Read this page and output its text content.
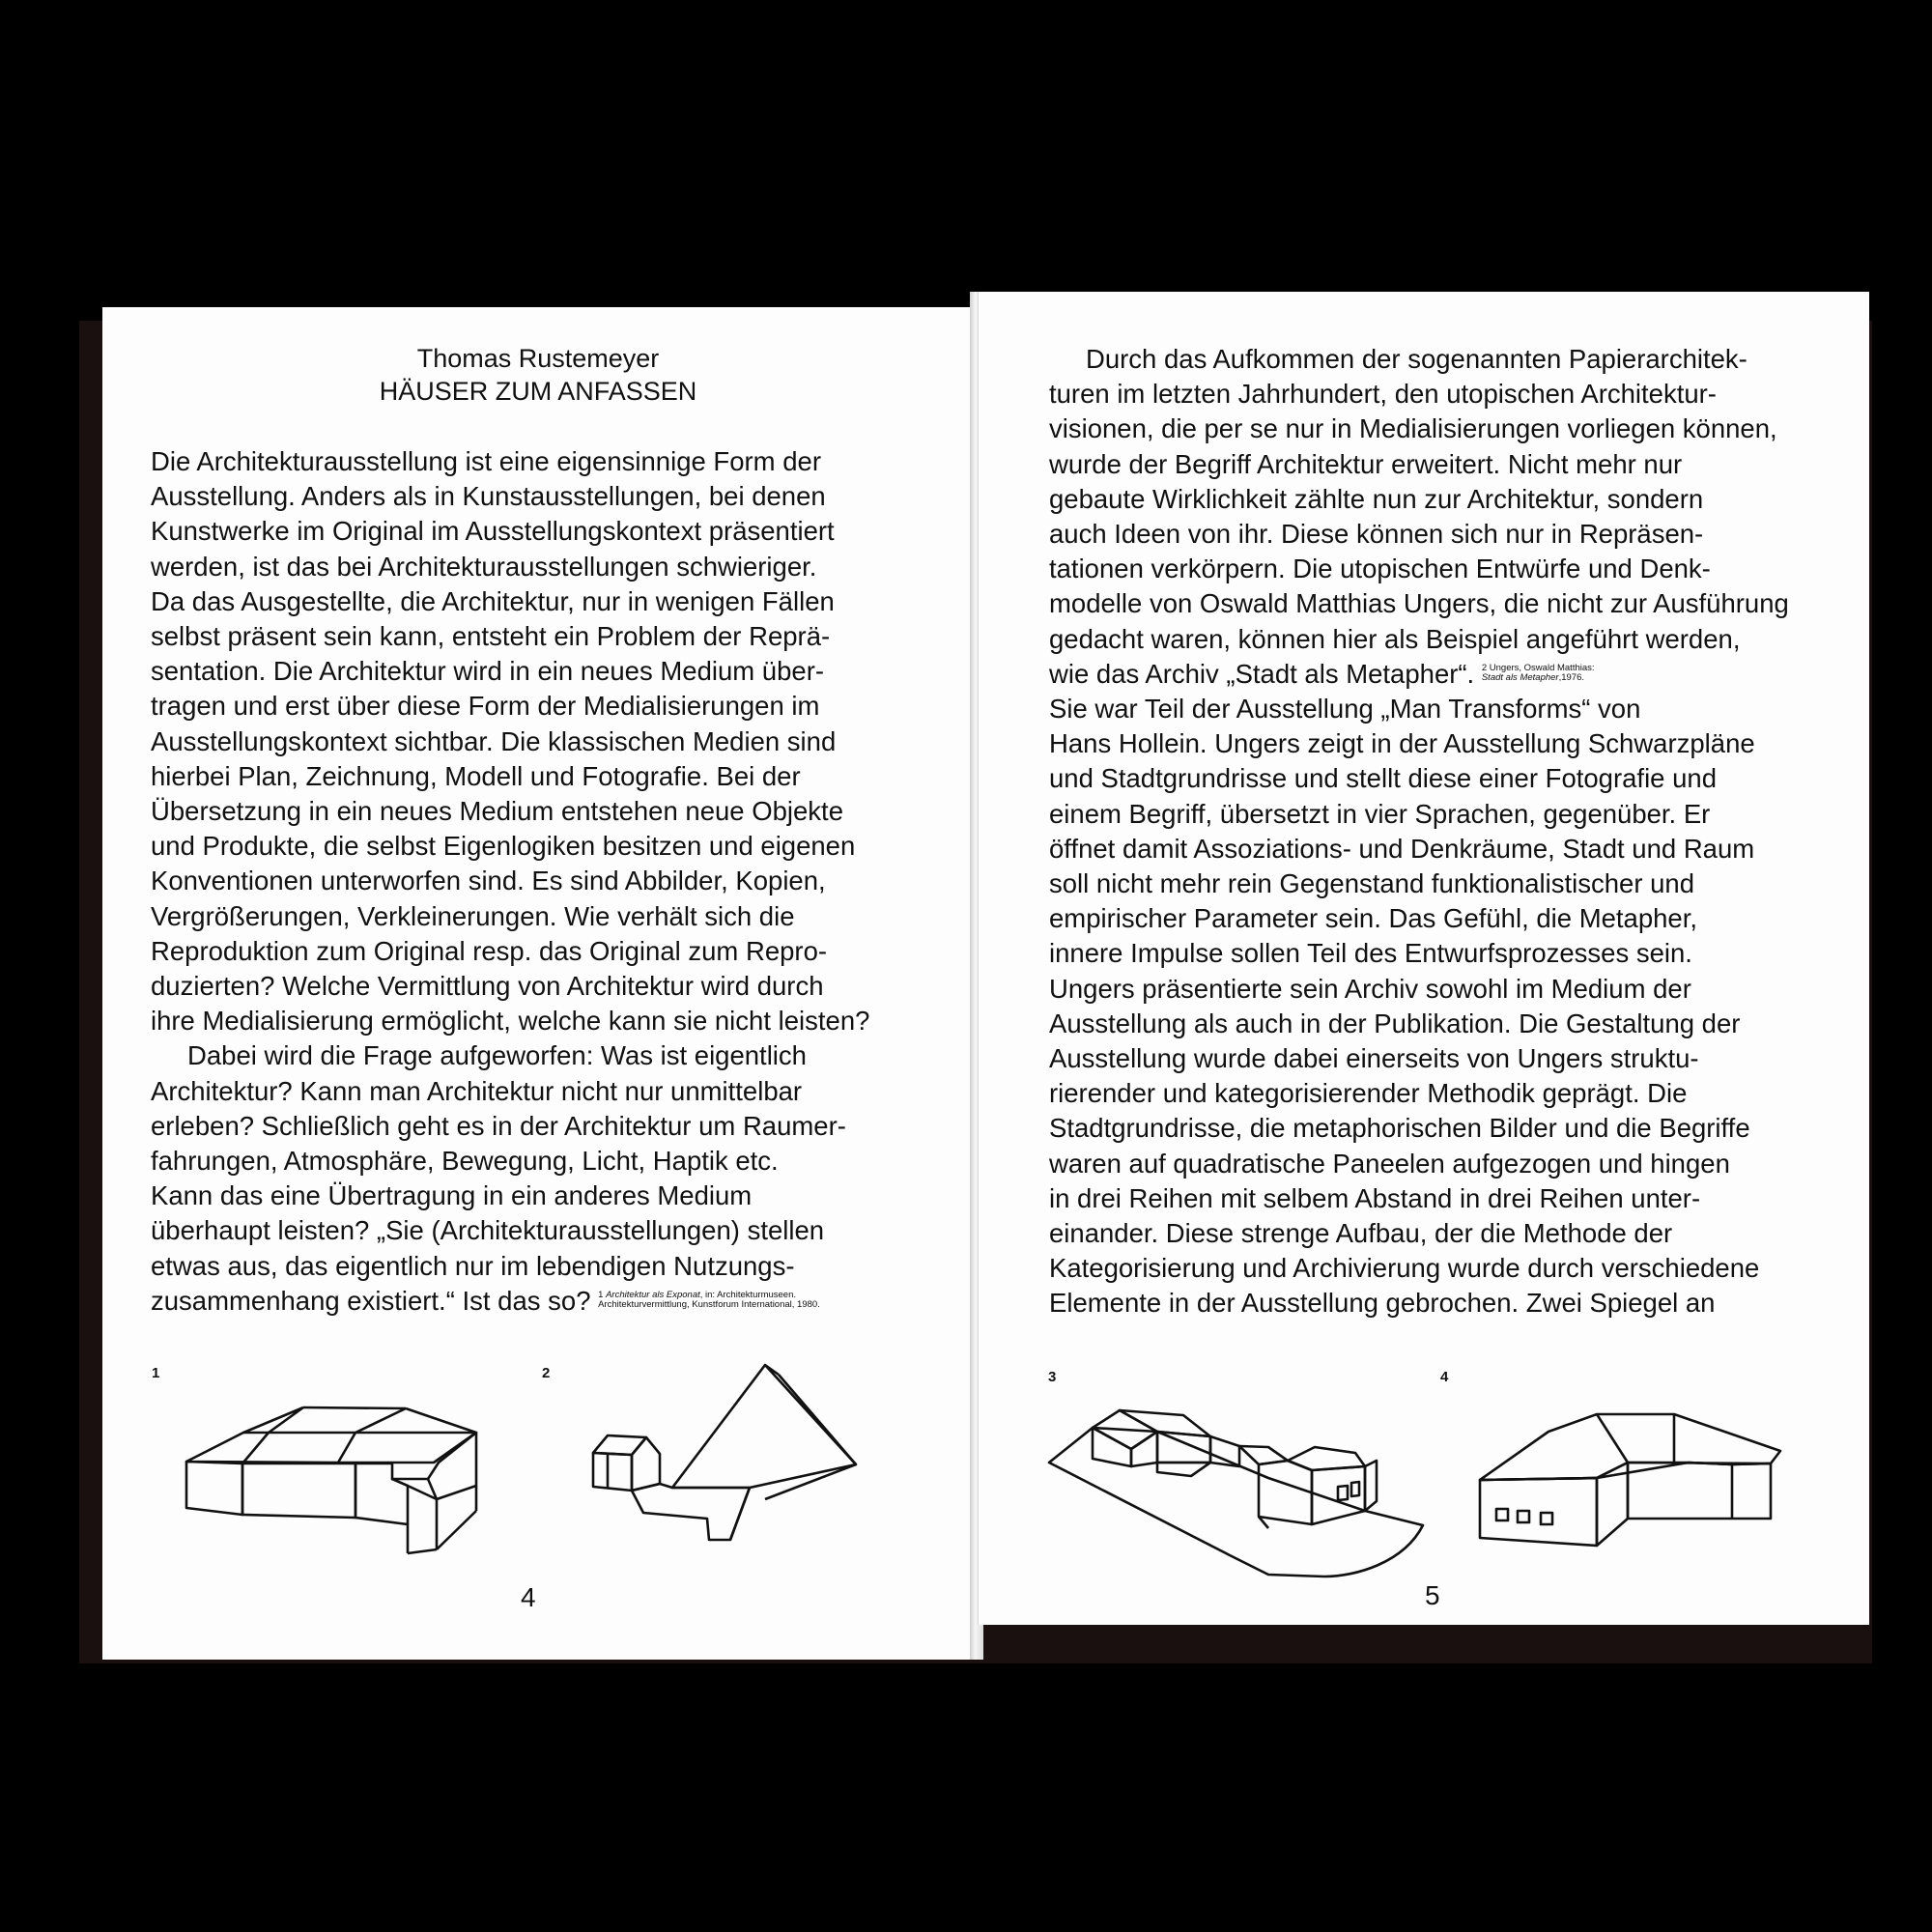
Thomas Rustemeyer
HÄUSER ZUM ANFASSEN

Die Architekturausstellung ist eine eigensinnige Form der

Ausstellung. Anders als in Kunstausstellungen, bei denen

Kunstwerke im Original im Ausstellungskontext präsentiert

werden, ist das bei Architekturausstellungen schwieriger.

Da das Ausgestellte, die Architektur, nur in wenigen Fällen

selbst präsent sein kann, entsteht ein Problem der Reprä-

sentation. Die Architektur wird in ein neues Medium über-

tragen und erst über diese Form der Medialisierungen im

Ausstellungskontext sichtbar. Die klassischen Medien sind

hierbei Plan, Zeichnung, Modell und Fotografie. Bei der

Übersetzung in ein neues Medium entstehen neue Objekte

und Produkte, die selbst Eigenlogiken besitzen und eigenen

Konventionen unterworfen sind. Es sind Abbilder, Kopien,

Vergrößerungen, Verkleinerungen. Wie verhält sich die

Reproduktion zum Original resp. das Original zum Repro-

duzierten? Welche Vermittlung von Architektur wird durch

ihre Medialisierung ermöglicht, welche kann sie nicht leisten?

Dabei wird die Frage aufgeworfen: Was ist eigentlich

Architektur? Kann man Architektur nicht nur unmittelbar

erleben? Schließlich geht es in der Architektur um Raumer-

fahrungen, Atmosphäre, Bewegung, Licht, Haptik etc.

Kann das eine Übertragung in ein anderes Medium

überhaupt leisten? „Sie (Architekturausstellungen) stellen

etwas aus, das eigentlich nur im lebendigen Nutzungs-

zusammenhang existiert.“ Ist das so? 1 Architektur als Exponat, in: Architekturmuseen.
Architekturvermittlung, Kunstforum International, 1980.

1	2
4

Durch das Aufkommen der sogenannten Papierarchitek-

turen im letzten Jahrhundert, den utopischen Architektur-

visionen, die per se nur in Medialisierungen vorliegen können,

wurde der Begriff Architektur erweitert. Nicht mehr nur

gebaute Wirklichkeit zählte nun zur Architektur, sondern

auch Ideen von ihr. Diese können sich nur in Repräsen-

tationen verkörpern. Die utopischen Entwürfe und Denk-

modelle von Oswald Matthias Ungers, die nicht zur Ausführung

gedacht waren, können hier als Beispiel angeführt werden,

wie das Archiv „Stadt als Metapher“. 2 Ungers, Oswald Matthias:
Stadt als Metapher,1976.

Sie war Teil der Ausstellung „Man Transforms“ von

Hans Hollein. Ungers zeigt in der Ausstellung Schwarzpläne

und Stadtgrundrisse und stellt diese einer Fotografie und

einem Begriff, übersetzt in vier Sprachen, gegenüber. Er

öffnet damit Assoziations- und Denkräume, Stadt und Raum

soll nicht mehr rein Gegenstand funktionalistischer und

empirischer Parameter sein. Das Gefühl, die Metapher,

innere Impulse sollen Teil des Entwurfsprozesses sein.

Ungers präsentierte sein Archiv sowohl im Medium der

Ausstellung als auch in der Publikation. Die Gestaltung der

Ausstellung wurde dabei einerseits von Ungers struktu-

rierender und kategorisierender Methodik geprägt. Die

Stadtgrundrisse, die metaphorischen Bilder und die Begriffe

waren auf quadratische Paneelen aufgezogen und hingen

in drei Reihen mit selbem Abstand in drei Reihen unter-

einander. Diese strenge Aufbau, der die Methode der

Kategorisierung und Archivierung wurde durch verschiedene

Elemente in der Ausstellung gebrochen. Zwei Spiegel an

3	4
5
